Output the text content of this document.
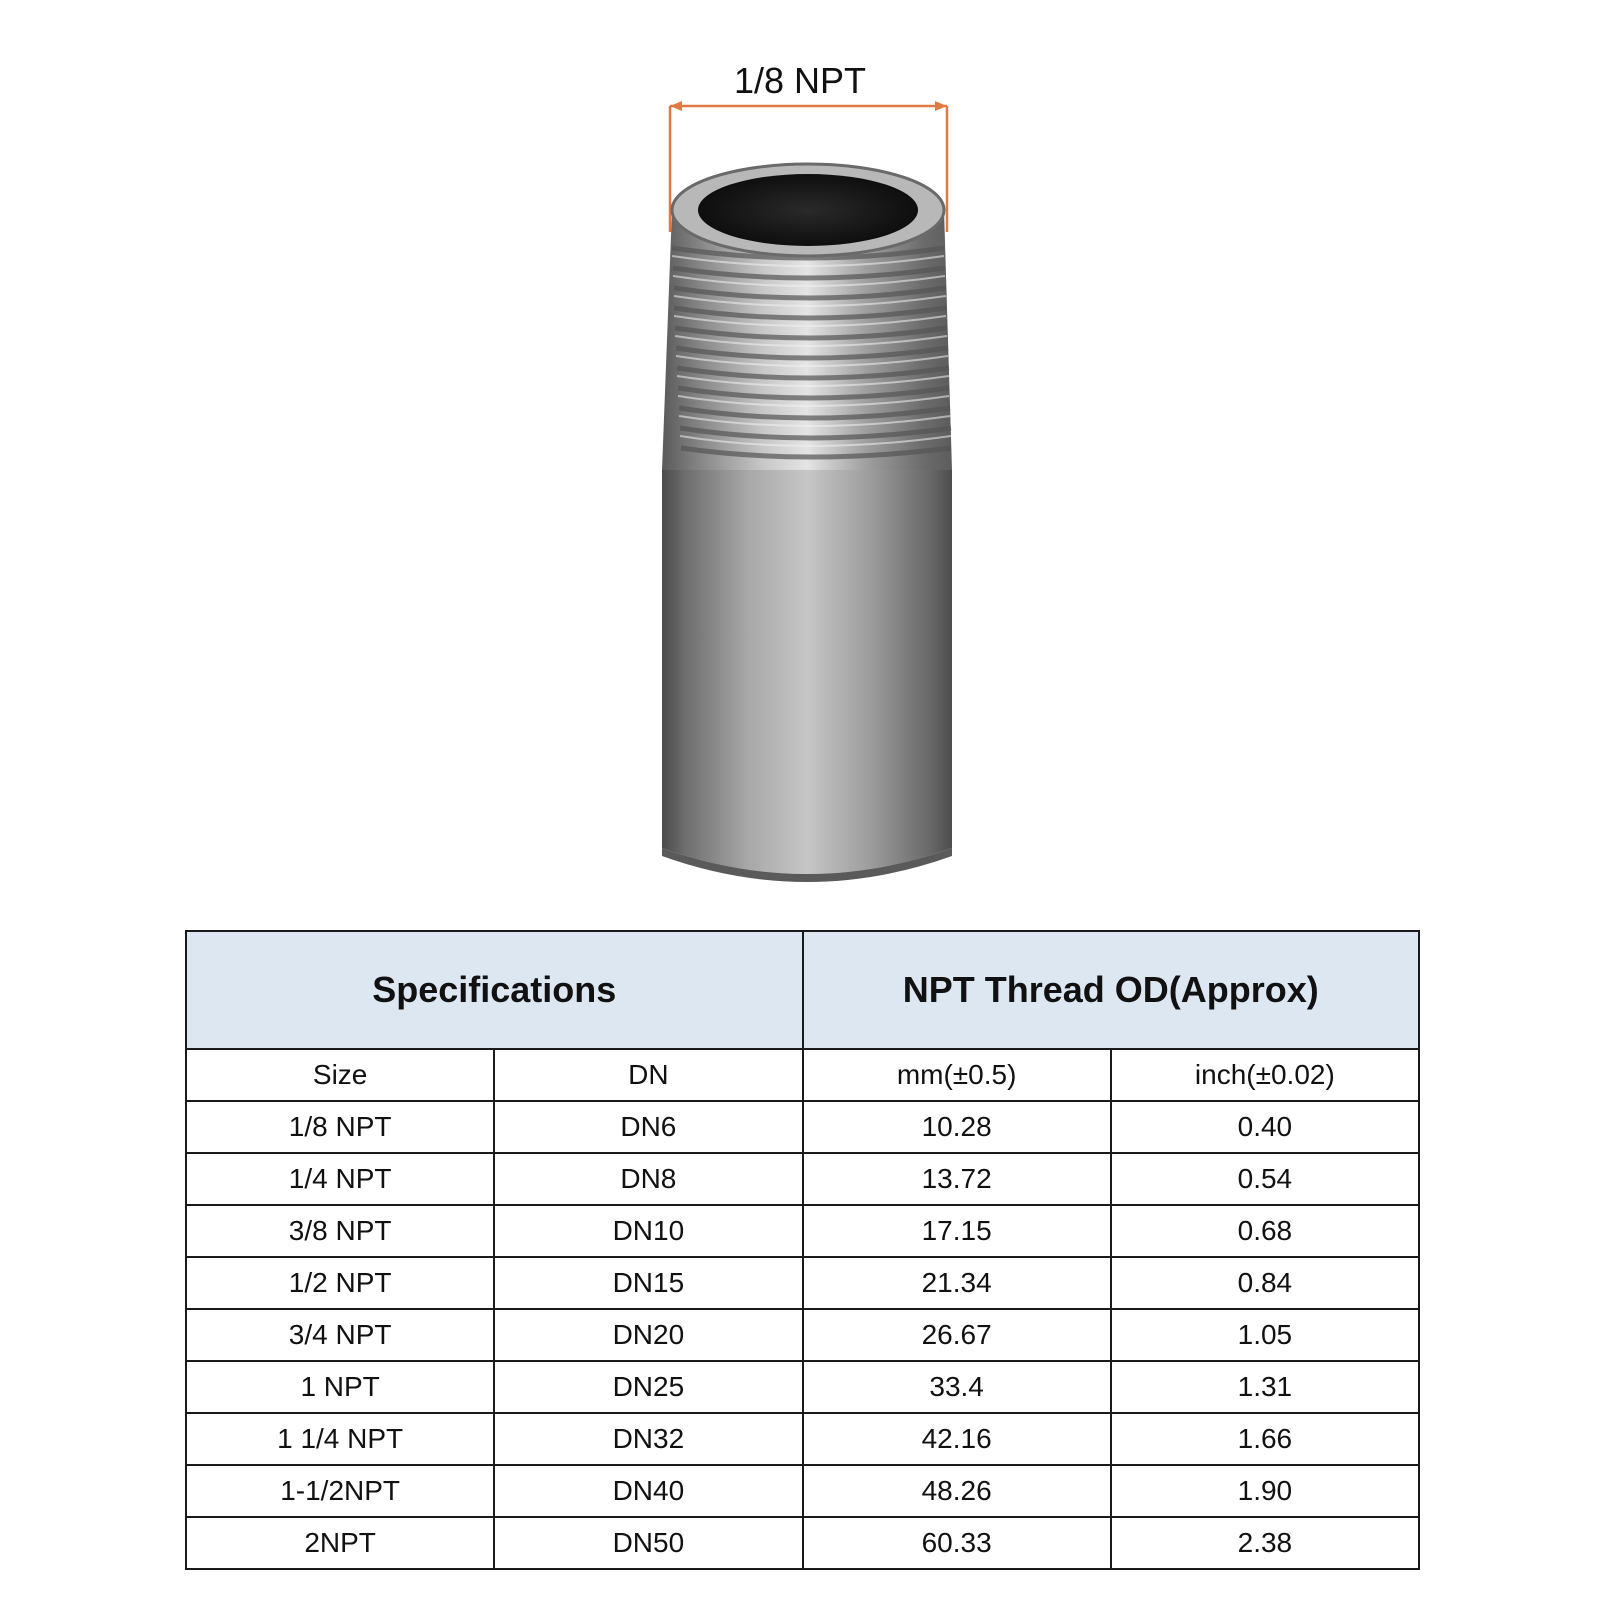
1/8 NPT
Specifications		NPT Thread OD(Approx)	
Size	DN	mm(±0.5)	inch(±0.02)
1/8 NPT	DN6	10.28	0.40
1/4 NPT	DN8	13.72	0.54
3/8 NPT	DN10	17.15	0.68
1/2 NPT	DN15	21.34	0.84
3/4 NPT	DN20	26.67	1.05
1 NPT	DN25	33.4	1.31
1 1/4 NPT	DN32	42.16	1.66
1-1/2NPT	DN40	48.26	1.90
2NPT	DN50	60.33	2.38
